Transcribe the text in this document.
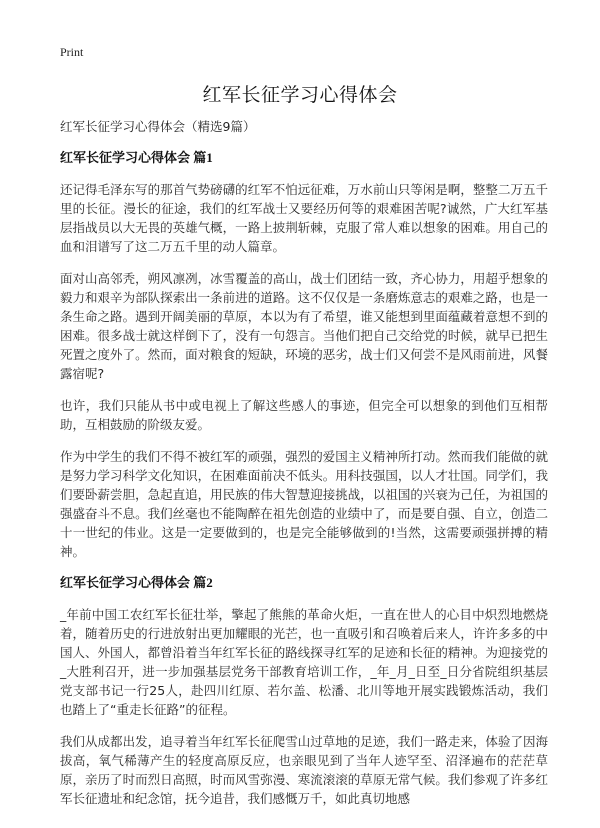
Print
红军长征学习心得体会

红军长征学习心得体会（精选9篇）

红军长征学习心得体会 篇1

还记得毛泽东写的那首气势磅礴的红军不怕远征难，万水前山只等闲是啊，整整二万五千里的长征。漫长的征途，我们的红军战士又要经历何等的艰难困苦呢?诚然，广大红军基层指战员以大无畏的英雄气概，一路上披荆斩棘，克服了常人难以想象的困难。用自己的血和泪谱写了这二万五千里的动人篇章。

面对山高邻秃，朔风凛冽，冰雪覆盖的高山，战士们团结一致，齐心协力，用超乎想象的毅力和艰辛为部队探索出一条前进的道路。这不仅仅是一条磨炼意志的艰难之路，也是一条生命之路。遇到开阔美丽的草原，本以为有了希望，谁又能想到里面蕴藏着意想不到的困难。很多战士就这样倒下了，没有一句怨言。当他们把自己交给党的时候，就早已把生死置之度外了。然而，面对粮食的短缺，环境的恶劣，战士们又何尝不是风雨前进，风餐露宿呢?

也许，我们只能从书中或电视上了解这些感人的事迹，但完全可以想象的到他们互相帮助，互相鼓励的阶级友爱。

作为中学生的我们不得不被红军的顽强，强烈的爱国主义精神所打动。然而我们能做的就是努力学习科学文化知识，在困难面前决不低头。用科技强国，以人才壮国。同学们，我们要卧薪尝胆，急起直追，用民族的伟大智慧迎接挑战，以祖国的兴衰为己任，为祖国的强盛奋斗不息。我们丝毫也不能陶醉在祖先创造的业绩中了，而是要自强、自立，创造二十一世纪的伟业。这是一定要做到的，也是完全能够做到的!当然，这需要顽强拼搏的精神。

红军长征学习心得体会 篇2

_年前中国工农红军长征壮举，擎起了熊熊的革命火炬，一直在世人的心目中炽烈地燃烧着，随着历史的行进放射出更加耀眼的光芒，也一直吸引和召唤着后来人，许许多多的中国人、外国人，都曾沿着当年红军长征的路线探寻红军的足迹和长征的精神。为迎接党的_大胜利召开，进一步加强基层党务干部教育培训工作，_年_月_日至_日分省院组织基层党支部书记一行25人，赴四川红原、若尔盖、松潘、北川等地开展实践锻炼活动，我们也踏上了“重走长征路”的征程。

我们从成都出发，追寻着当年红军长征爬雪山过草地的足迹，我们一路走来，体验了因海拔高，氧气稀薄产生的轻度高原反应，也亲眼见到了当年人迹罕至、沼泽遍布的茫茫草原，亲历了时而烈日高照，时而风雪弥漫、寒流滚滚的草原无常气候。我们参观了许多红军长征遗址和纪念馆，抚今追昔，我们感慨万千，如此真切地感
